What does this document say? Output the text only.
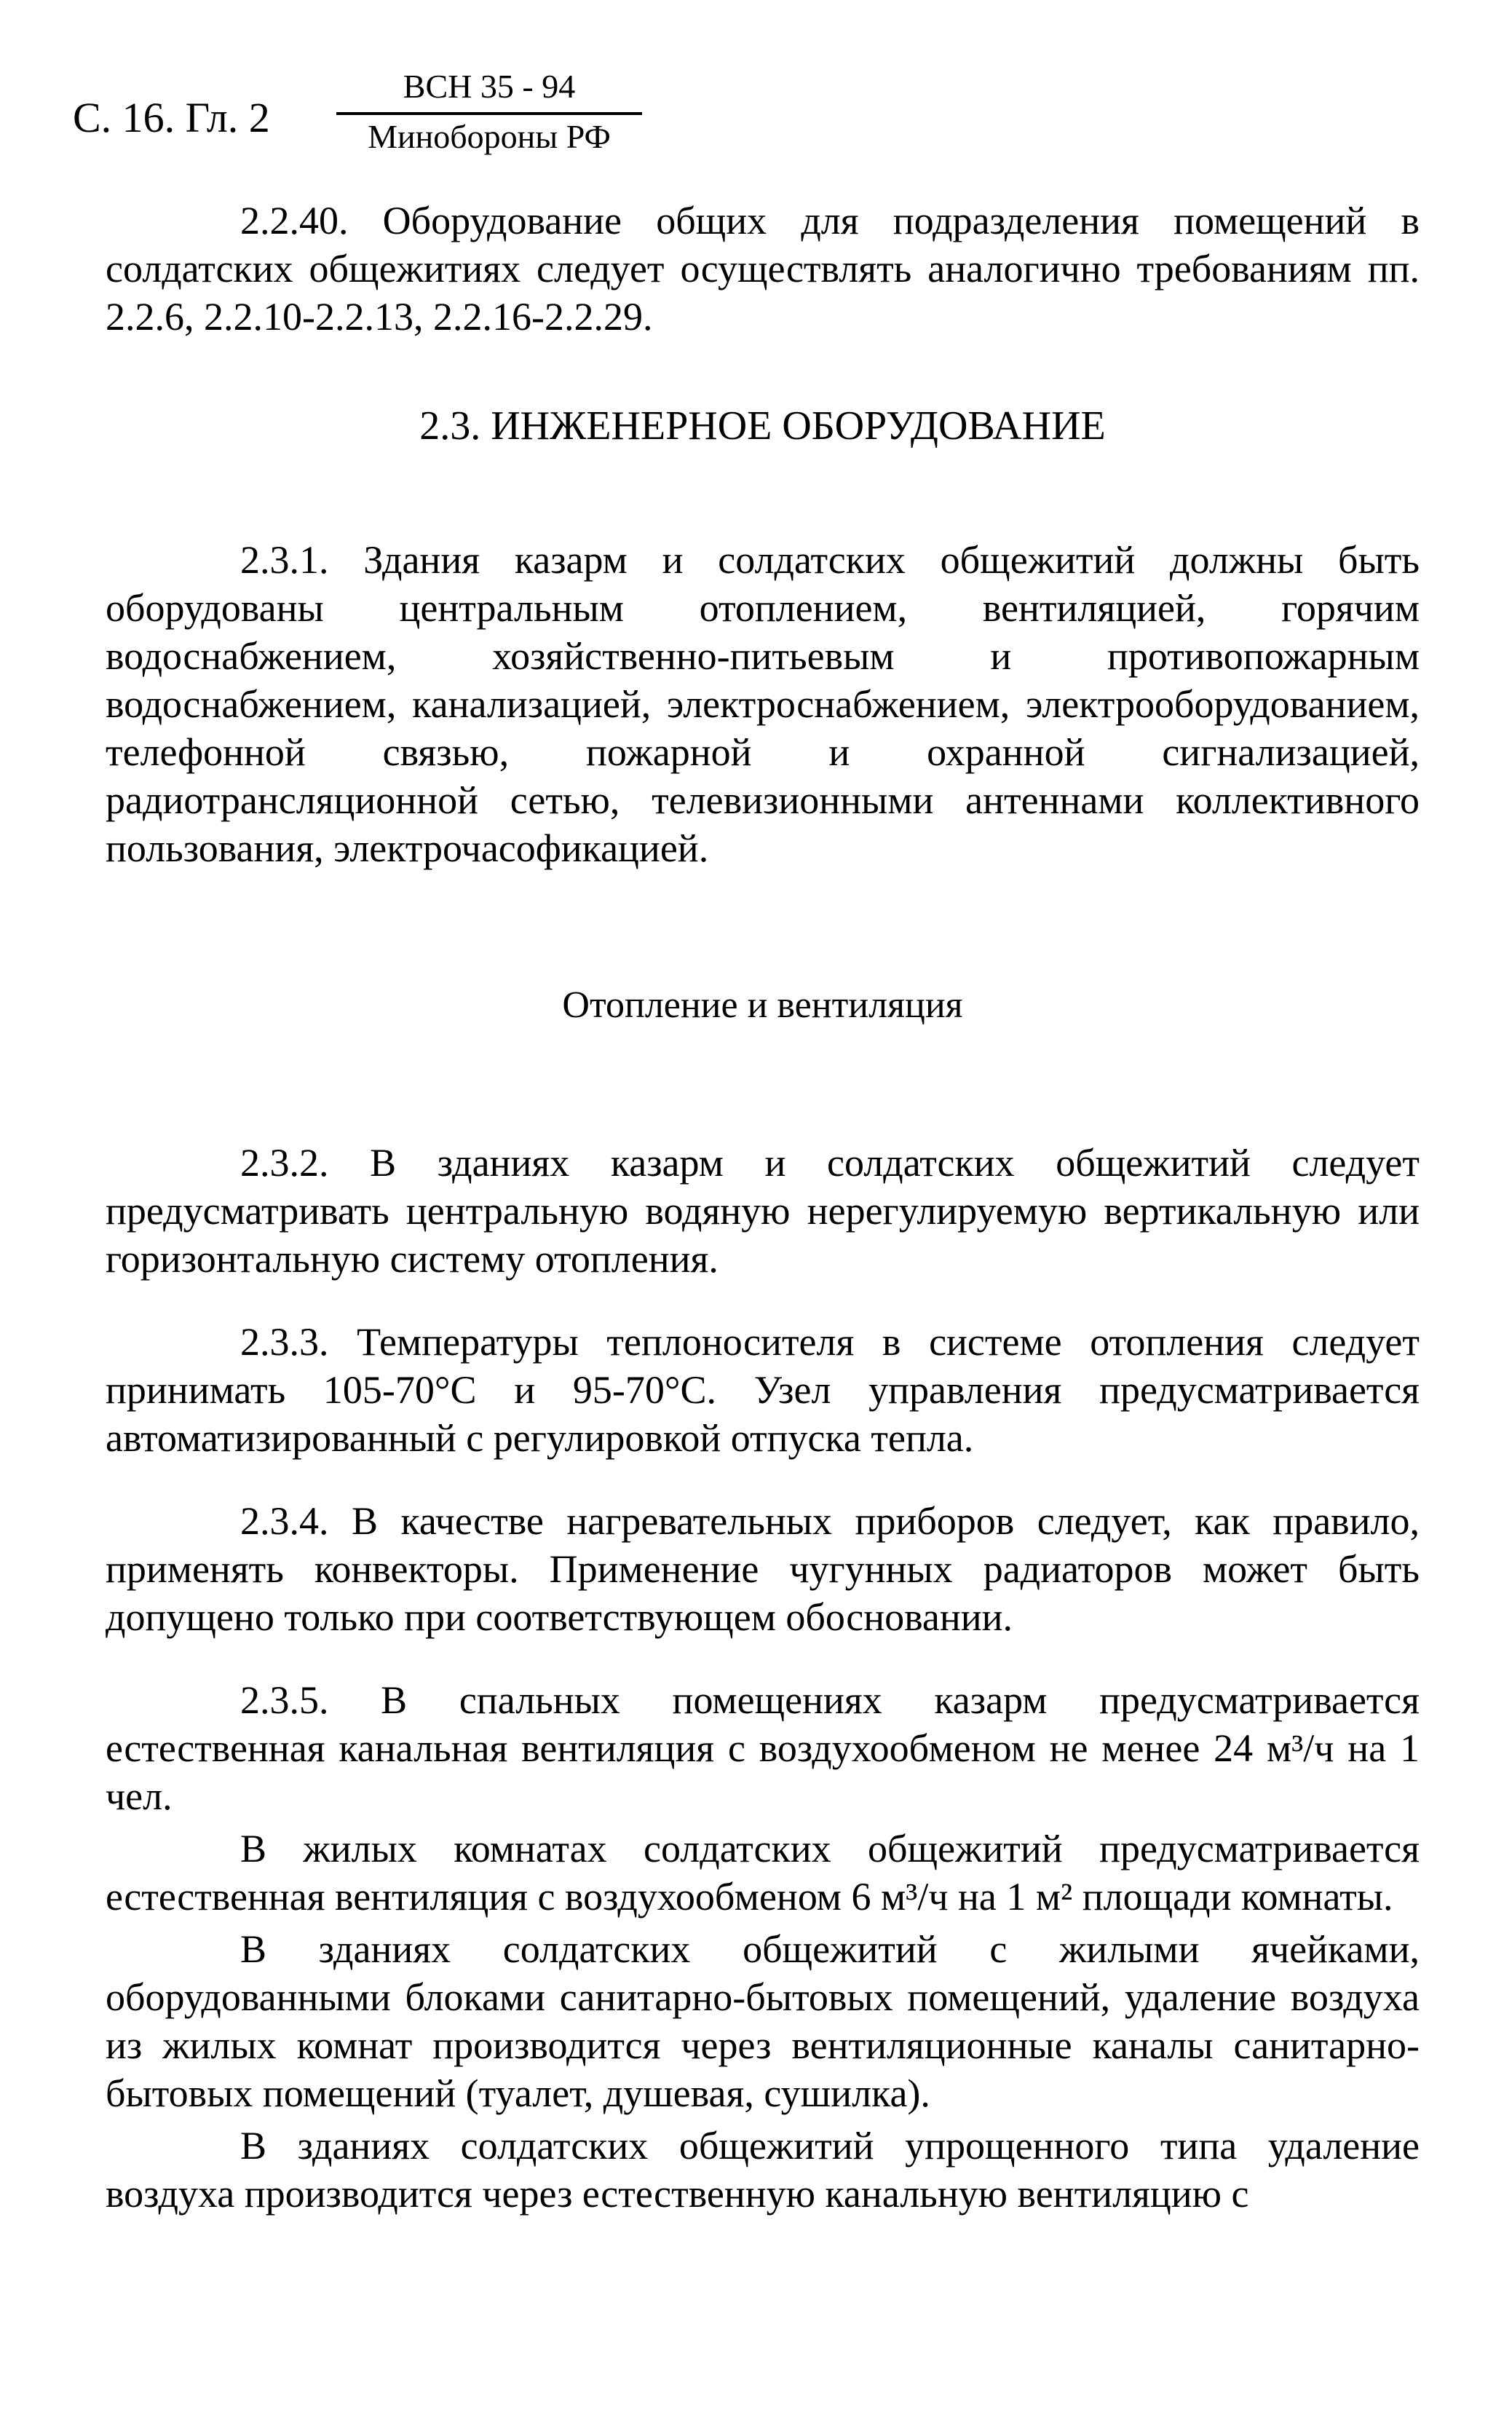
С. 16. Гл. 2
ВСН 35 - 94
Минобороны РФ

2.2.40. Оборудование общих для подразделения помещений в солдатских общежитиях следует осуществлять аналогично требованиям пп. 2.2.6, 2.2.10-2.2.13, 2.2.16-2.2.29.

2.3. ИНЖЕНЕРНОЕ ОБОРУДОВАНИЕ

2.3.1. Здания казарм и солдатских общежитий должны быть оборудованы центральным отоплением, вентиляцией, горячим водоснабжением, хозяйственно-питьевым и противопожарным водоснабжением, канализацией, электроснабжением, электрооборудованием, телефонной связью, пожарной и охранной сигнализацией, радиотрансляционной сетью, телевизионными антеннами коллективного пользования, электрочасофикацией.

Отопление и вентиляция

2.3.2. В зданиях казарм и солдатских общежитий следует предусматривать центральную водяную нерегулируемую вертикальную или горизонтальную систему отопления.

2.3.3. Температуры теплоносителя в системе отопления следует принимать 105-70°С и 95-70°С. Узел управления предусматривается автоматизированный с регулировкой отпуска тепла.

2.3.4. В качестве нагревательных приборов следует, как правило, применять конвекторы. Применение чугунных радиаторов может быть допущено только при соответствующем обосновании.

2.3.5. В спальных помещениях казарм предусматривается естественная канальная вентиляция с воздухообменом не менее 24 м³/ч на 1 чел.

В жилых комнатах солдатских общежитий предусматривается естественная вентиляция с воздухообменом 6 м³/ч на 1 м² площади комнаты.

В зданиях солдатских общежитий с жилыми ячейками, оборудованными блоками санитарно-бытовых помещений, удаление воздуха из жилых комнат производится через вентиляционные каналы санитарно-бытовых помещений (туалет, душевая, сушилка).

В зданиях солдатских общежитий упрощенного типа удаление воздуха производится через естественную канальную вентиляцию с
